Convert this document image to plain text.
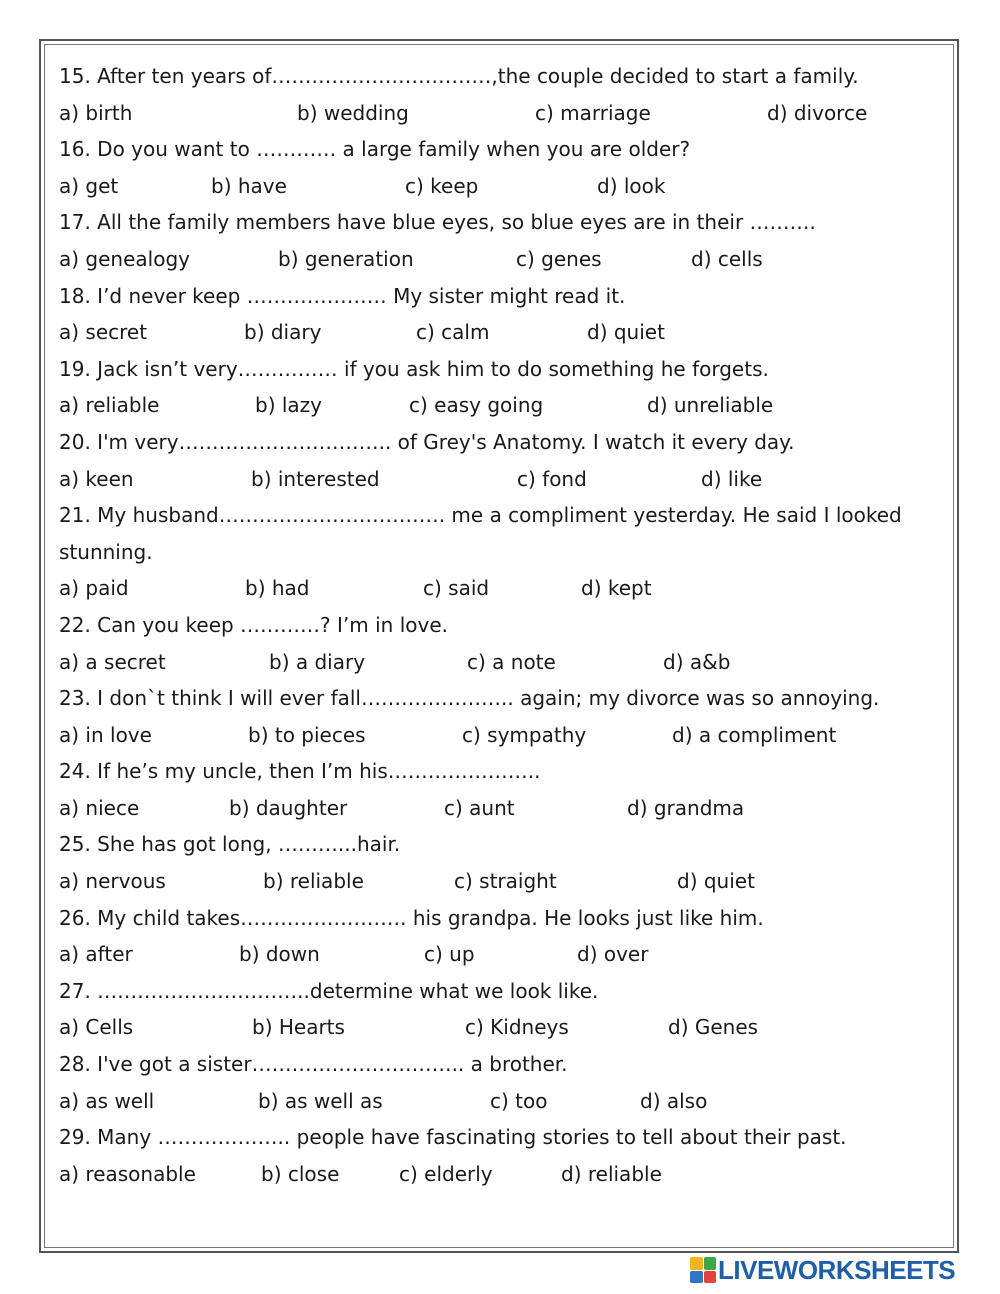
15. After ten years of……………………………,the couple decided to start a family.
a) birth	b) wedding	c) marriage	d) divorce
16. Do you want to ………… a large family when you are older?
a) get	b) have	c) keep	d) look
17. All the family members have blue eyes, so blue eyes are in their ……….
a) genealogy	b) generation	c) genes	d) cells
18. I’d never keep ………………… My sister might read it.
a) secret	b) diary	c) calm	d) quiet
19. Jack isn’t very…………… if you ask him to do something he forgets.
a) reliable	b) lazy	c) easy going	d) unreliable
20. I'm very………………………….. of Grey's Anatomy. I watch it every day.
a) keen	b) interested	c) fond	d) like
21. My husband……………………………. me a compliment yesterday. He said I looked
stunning.
a) paid	b) had	c) said	d) kept
22. Can you keep …………? I’m in love.
a) a secret	b) a diary	c) a note	d) a&b
23. I don`t think I will ever fall………………….. again; my divorce was so annoying.
a) in love	b) to pieces	c) sympathy	d) a compliment
24. If he’s my uncle, then I’m his…………………..
a) niece	b) daughter	c) aunt	d) grandma
25. She has got long, ………...hair.
a) nervous	b) reliable	c) straight	d) quiet
26. My child takes……………………. his grandpa. He looks just like him.
a) after	b) down	c) up	d) over
27. …………………………..determine what we look like.
a) Cells	b) Hearts	c) Kidneys	d) Genes
28. I've got a sister………………………….. a brother.
a) as well	b) as well as	c) too	d) also
29. Many ……………….. people have fascinating stories to tell about their past.
a) reasonable	b) close	c) elderly	d) reliable
LIVEWORKSHEETS
